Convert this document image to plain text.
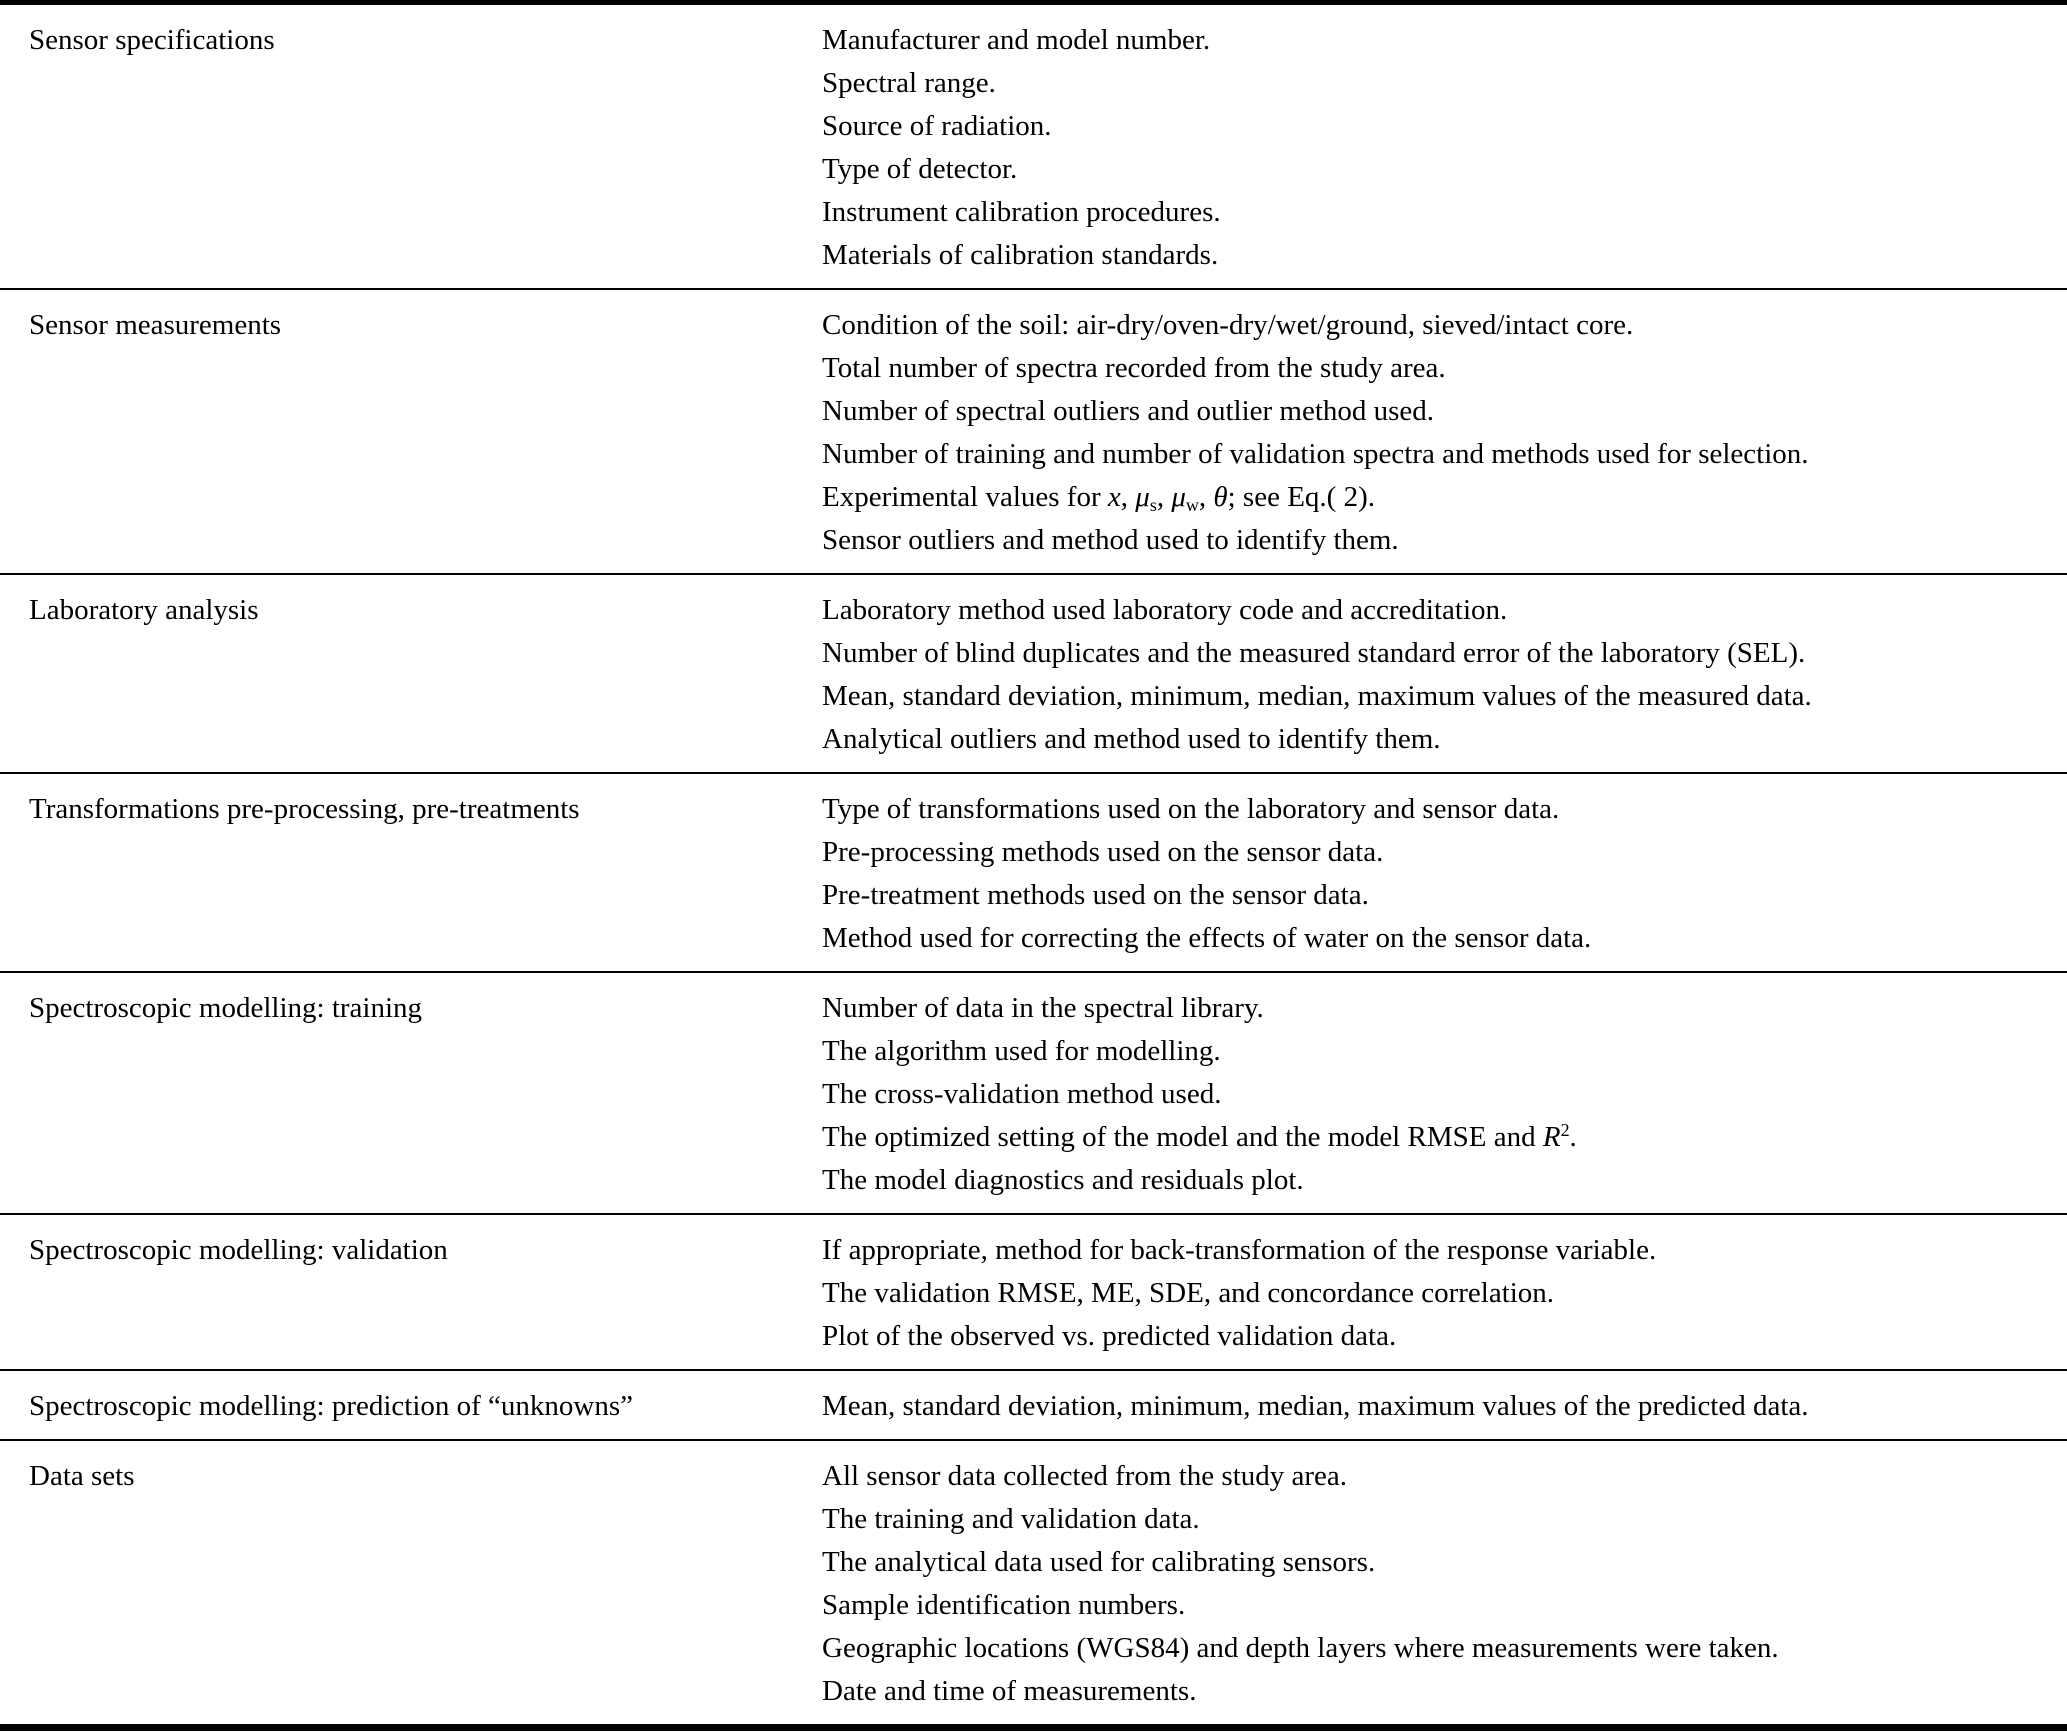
Sensor specifications	Manufacturer and model number.
Spectral range.
Source of radiation.
Type of detector.
Instrument calibration procedures.
Materials of calibration standards.
Sensor measurements	Condition of the soil: air-dry/oven-dry/wet/ground, sieved/intact core.
Total number of spectra recorded from the study area.
Number of spectral outliers and outlier method used.
Number of training and number of validation spectra and methods used for selection.
Experimental values for x, $\mu_s$, $\mu_w$, θ; see Eq.( 2).
Sensor outliers and method used to identify them.
Laboratory analysis	Laboratory method used laboratory code and accreditation.
Number of blind duplicates and the measured standard error of the laboratory (SEL).
Mean, standard deviation, minimum, median, maximum values of the measured data.
Analytical outliers and method used to identify them.
Transformations pre-processing, pre-treatments	Type of transformations used on the laboratory and sensor data.
Pre-processing methods used on the sensor data.
Pre-treatment methods used on the sensor data.
Method used for correcting the effects of water on the sensor data.
Spectroscopic modelling: training	Number of data in the spectral library.
The algorithm used for modelling.
The cross-validation method used.
The optimized setting of the model and the model RMSE and $R^2$.
The model diagnostics and residuals plot.
Spectroscopic modelling: validation	If appropriate, method for back-transformation of the response variable.
The validation RMSE, ME, SDE, and concordance correlation.
Plot of the observed vs. predicted validation data.
Spectroscopic modelling: prediction of “unknowns”	Mean, standard deviation, minimum, median, maximum values of the predicted data.
Data sets	All sensor data collected from the study area.
The training and validation data.
The analytical data used for calibrating sensors.
Sample identification numbers.
Geographic locations (WGS84) and depth layers where measurements were taken.
Date and time of measurements.
